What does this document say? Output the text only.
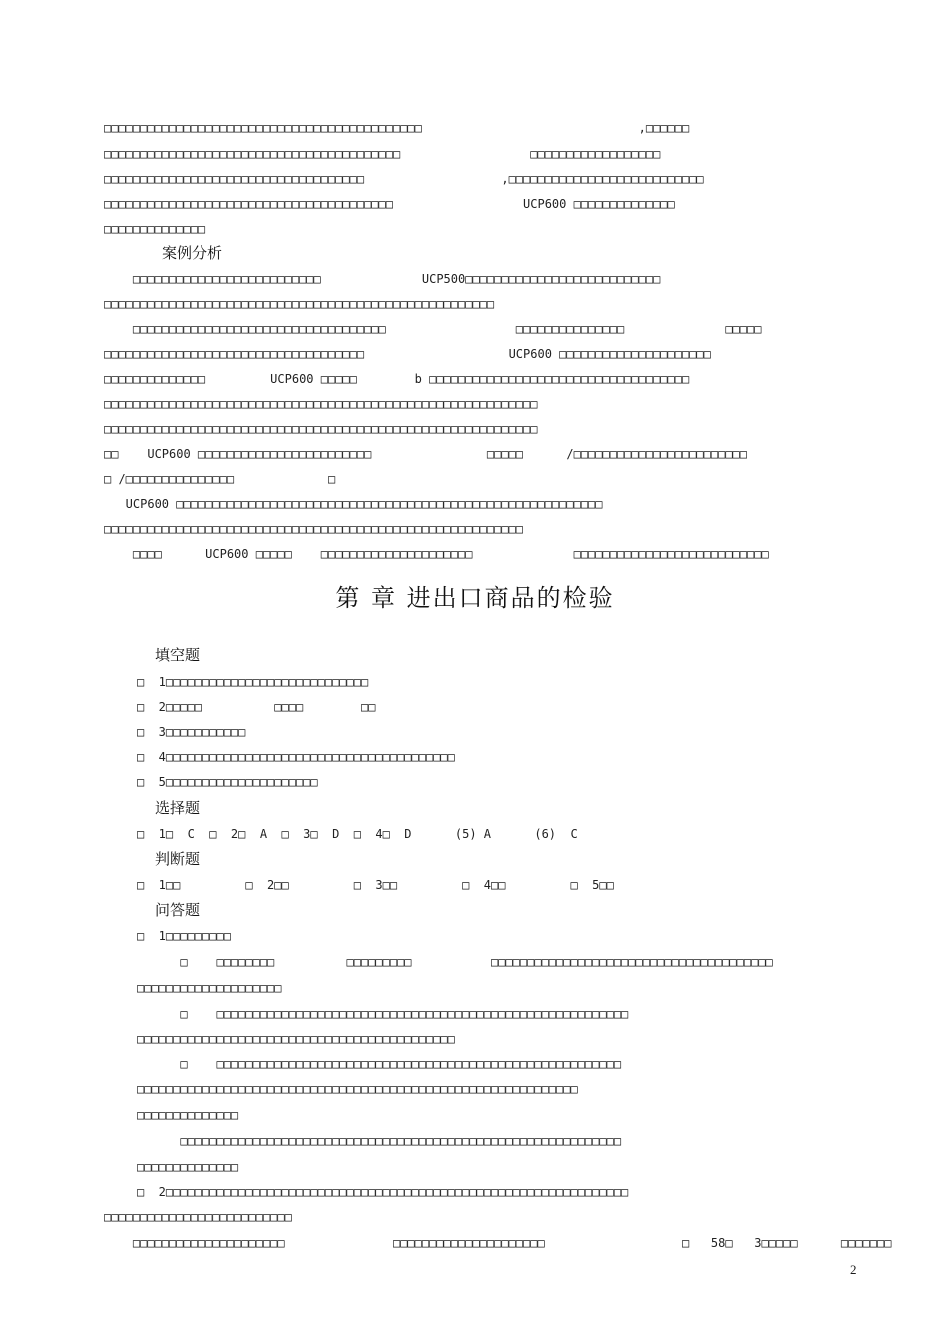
□□□□□□□□□□□□□□□□□□□□□□□□□□□□□□□□□□□□□□□□□□□□                              ,□□□□□□
□□□□□□□□□□□□□□□□□□□□□□□□□□□□□□□□□□□□□□□□□                  □□□□□□□□□□□□□□□□□□
□□□□□□□□□□□□□□□□□□□□□□□□□□□□□□□□□□□□                   ,□□□□□□□□□□□□□□□□□□□□□□□□□□□
□□□□□□□□□□□□□□□□□□□□□□□□□□□□□□□□□□□□□□□□                  UCP600 □□□□□□□□□□□□□□
□□□□□□□□□□□□□□
案例分析
□□□□□□□□□□□□□□□□□□□□□□□□□□              UCP500□□□□□□□□□□□□□□□□□□□□□□□□□□□
□□□□□□□□□□□□□□□□□□□□□□□□□□□□□□□□□□□□□□□□□□□□□□□□□□□□□□
□□□□□□□□□□□□□□□□□□□□□□□□□□□□□□□□□□□                  □□□□□□□□□□□□□□□              □□□□□
□□□□□□□□□□□□□□□□□□□□□□□□□□□□□□□□□□□□                    UCP600 □□□□□□□□□□□□□□□□□□□□□
□□□□□□□□□□□□□□         UCP600 □□□□□        b □□□□□□□□□□□□□□□□□□□□□□□□□□□□□□□□□□□□
□□□□□□□□□□□□□□□□□□□□□□□□□□□□□□□□□□□□□□□□□□□□□□□□□□□□□□□□□□□□
□□□□□□□□□□□□□□□□□□□□□□□□□□□□□□□□□□□□□□□□□□□□□□□□□□□□□□□□□□□□
□□    UCP600 □□□□□□□□□□□□□□□□□□□□□□□□                □□□□□      /□□□□□□□□□□□□□□□□□□□□□□□□
□ /□□□□□□□□□□□□□□□             □
UCP600 □□□□□□□□□□□□□□□□□□□□□□□□□□□□□□□□□□□□□□□□□□□□□□□□□□□□□□□□□□□
□□□□□□□□□□□□□□□□□□□□□□□□□□□□□□□□□□□□□□□□□□□□□□□□□□□□□□□□□□
□□□□      UCP600 □□□□□    □□□□□□□□□□□□□□□□□□□□□              □□□□□□□□□□□□□□□□□□□□□□□□□□□
第 章 进出口商品的检验
填空题
□  1□□□□□□□□□□□□□□□□□□□□□□□□□□□□
□  2□□□□□          □□□□        □□
□  3□□□□□□□□□□□
□  4□□□□□□□□□□□□□□□□□□□□□□□□□□□□□□□□□□□□□□□□
□  5□□□□□□□□□□□□□□□□□□□□□
选择题
□  1□  C  □  2□  A  □  3□  D  □  4□  D      (5) A      (6)  C
判断题
□  1□□         □  2□□         □  3□□         □  4□□         □  5□□
问答题
□  1□□□□□□□□□
□    □□□□□□□□          □□□□□□□□□           □□□□□□□□□□□□□□□□□□□□□□□□□□□□□□□□□□□□□□□
□□□□□□□□□□□□□□□□□□□□
□    □□□□□□□□□□□□□□□□□□□□□□□□□□□□□□□□□□□□□□□□□□□□□□□□□□□□□□□□□
□□□□□□□□□□□□□□□□□□□□□□□□□□□□□□□□□□□□□□□□□□□□
□    □□□□□□□□□□□□□□□□□□□□□□□□□□□□□□□□□□□□□□□□□□□□□□□□□□□□□□□□
□□□□□□□□□□□□□□□□□□□□□□□□□□□□□□□□□□□□□□□□□□□□□□□□□□□□□□□□□□□□□
□□□□□□□□□□□□□□
□□□□□□□□□□□□□□□□□□□□□□□□□□□□□□□□□□□□□□□□□□□□□□□□□□□□□□□□□□□□□
□□□□□□□□□□□□□□
□  2□□□□□□□□□□□□□□□□□□□□□□□□□□□□□□□□□□□□□□□□□□□□□□□□□□□□□□□□□□□□□□□□
□□□□□□□□□□□□□□□□□□□□□□□□□□
□□□□□□□□□□□□□□□□□□□□□               □□□□□□□□□□□□□□□□□□□□□                   □   58□   3□□□□□      □□□□□□□
2
